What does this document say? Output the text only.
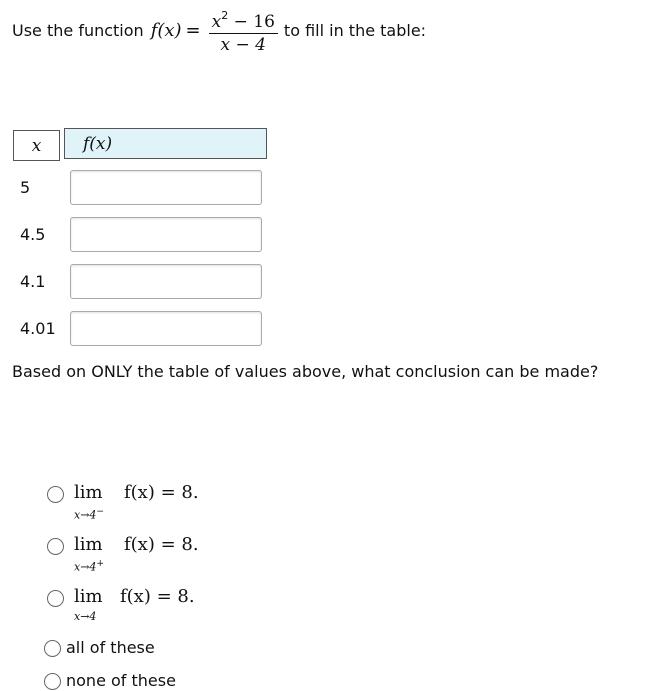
Use the function $f(x) = \frac{x^2 - 16}{x - 4}$ to fill in the table:
x f(x)
5
4.5
4.1
4.01
Based on ONLY the table of values above, what conclusion can be made?
lim
x→4−
f(x) = 8.
lim
x→4+
f(x) = 8.
lim
x→4
f(x) = 8.
all of these
none of these
